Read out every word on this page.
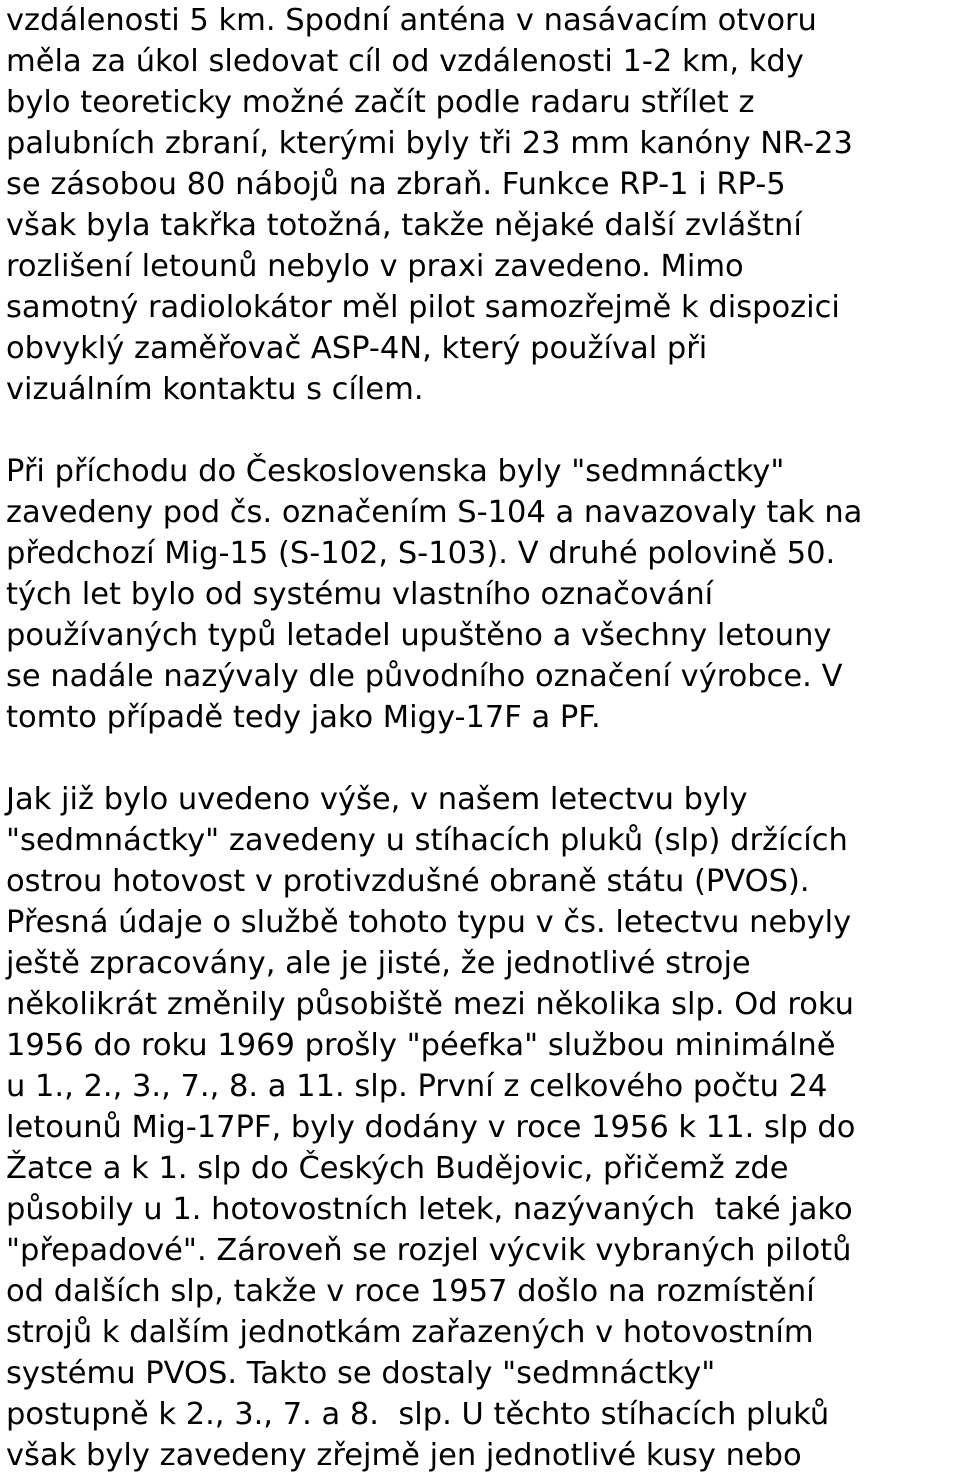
vzdálenosti 5 km. Spodní anténa v nasávacím otvoru
měla za úkol sledovat cíl od vzdálenosti 1-2 km, kdy
bylo teoreticky možné začít podle radaru střílet z
palubních zbraní, kterými byly tři 23 mm kanóny NR-23
se zásobou 80 nábojů na zbraň. Funkce RP-1 i RP-5
však byla takřka totožná, takže nějaké další zvláštní
rozlišení letounů nebylo v praxi zavedeno. Mimo
samotný radiolokátor měl pilot samozřejmě k dispozici
obvyklý zaměřovač ASP-4N, který používal při
vizuálním kontaktu s cílem.
Při příchodu do Československa byly "sedmnáctky"
zavedeny pod čs. označením S-104 a navazovaly tak na
předchozí Mig-15 (S-102, S-103). V druhé polovině 50.
tých let bylo od systému vlastního označování
používaných typů letadel upuštěno a všechny letouny
se nadále nazývaly dle původního označení výrobce. V
tomto případě tedy jako Migy-17F a PF.
Jak již bylo uvedeno výše, v našem letectvu byly
"sedmnáctky" zavedeny u stíhacích pluků (slp) držících
ostrou hotovost v protivzdušné obraně státu (PVOS).
Přesná údaje o službě tohoto typu v čs. letectvu nebyly
ještě zpracovány, ale je jisté, že jednotlivé stroje
několikrát změnily působiště mezi několika slp. Od roku
1956 do roku 1969 prošly "péefka" službou minimálně
u 1., 2., 3., 7., 8. a 11. slp. První z celkového počtu 24
letounů Mig-17PF, byly dodány v roce 1956 k 11. slp do
Žatce a k 1. slp do Českých Budějovic, přičemž zde
působily u 1. hotovostních letek, nazývaných  také jako
"přepadové". Zároveň se rozjel výcvik vybraných pilotů
od dalších slp, takže v roce 1957 došlo na rozmístění
strojů k dalším jednotkám zařazených v hotovostním
systému PVOS. Takto se dostaly "sedmnáctky"
postupně k 2., 3., 7. a 8.  slp. U těchto stíhacích pluků
však byly zavedeny zřejmě jen jednotlivé kusy nebo
